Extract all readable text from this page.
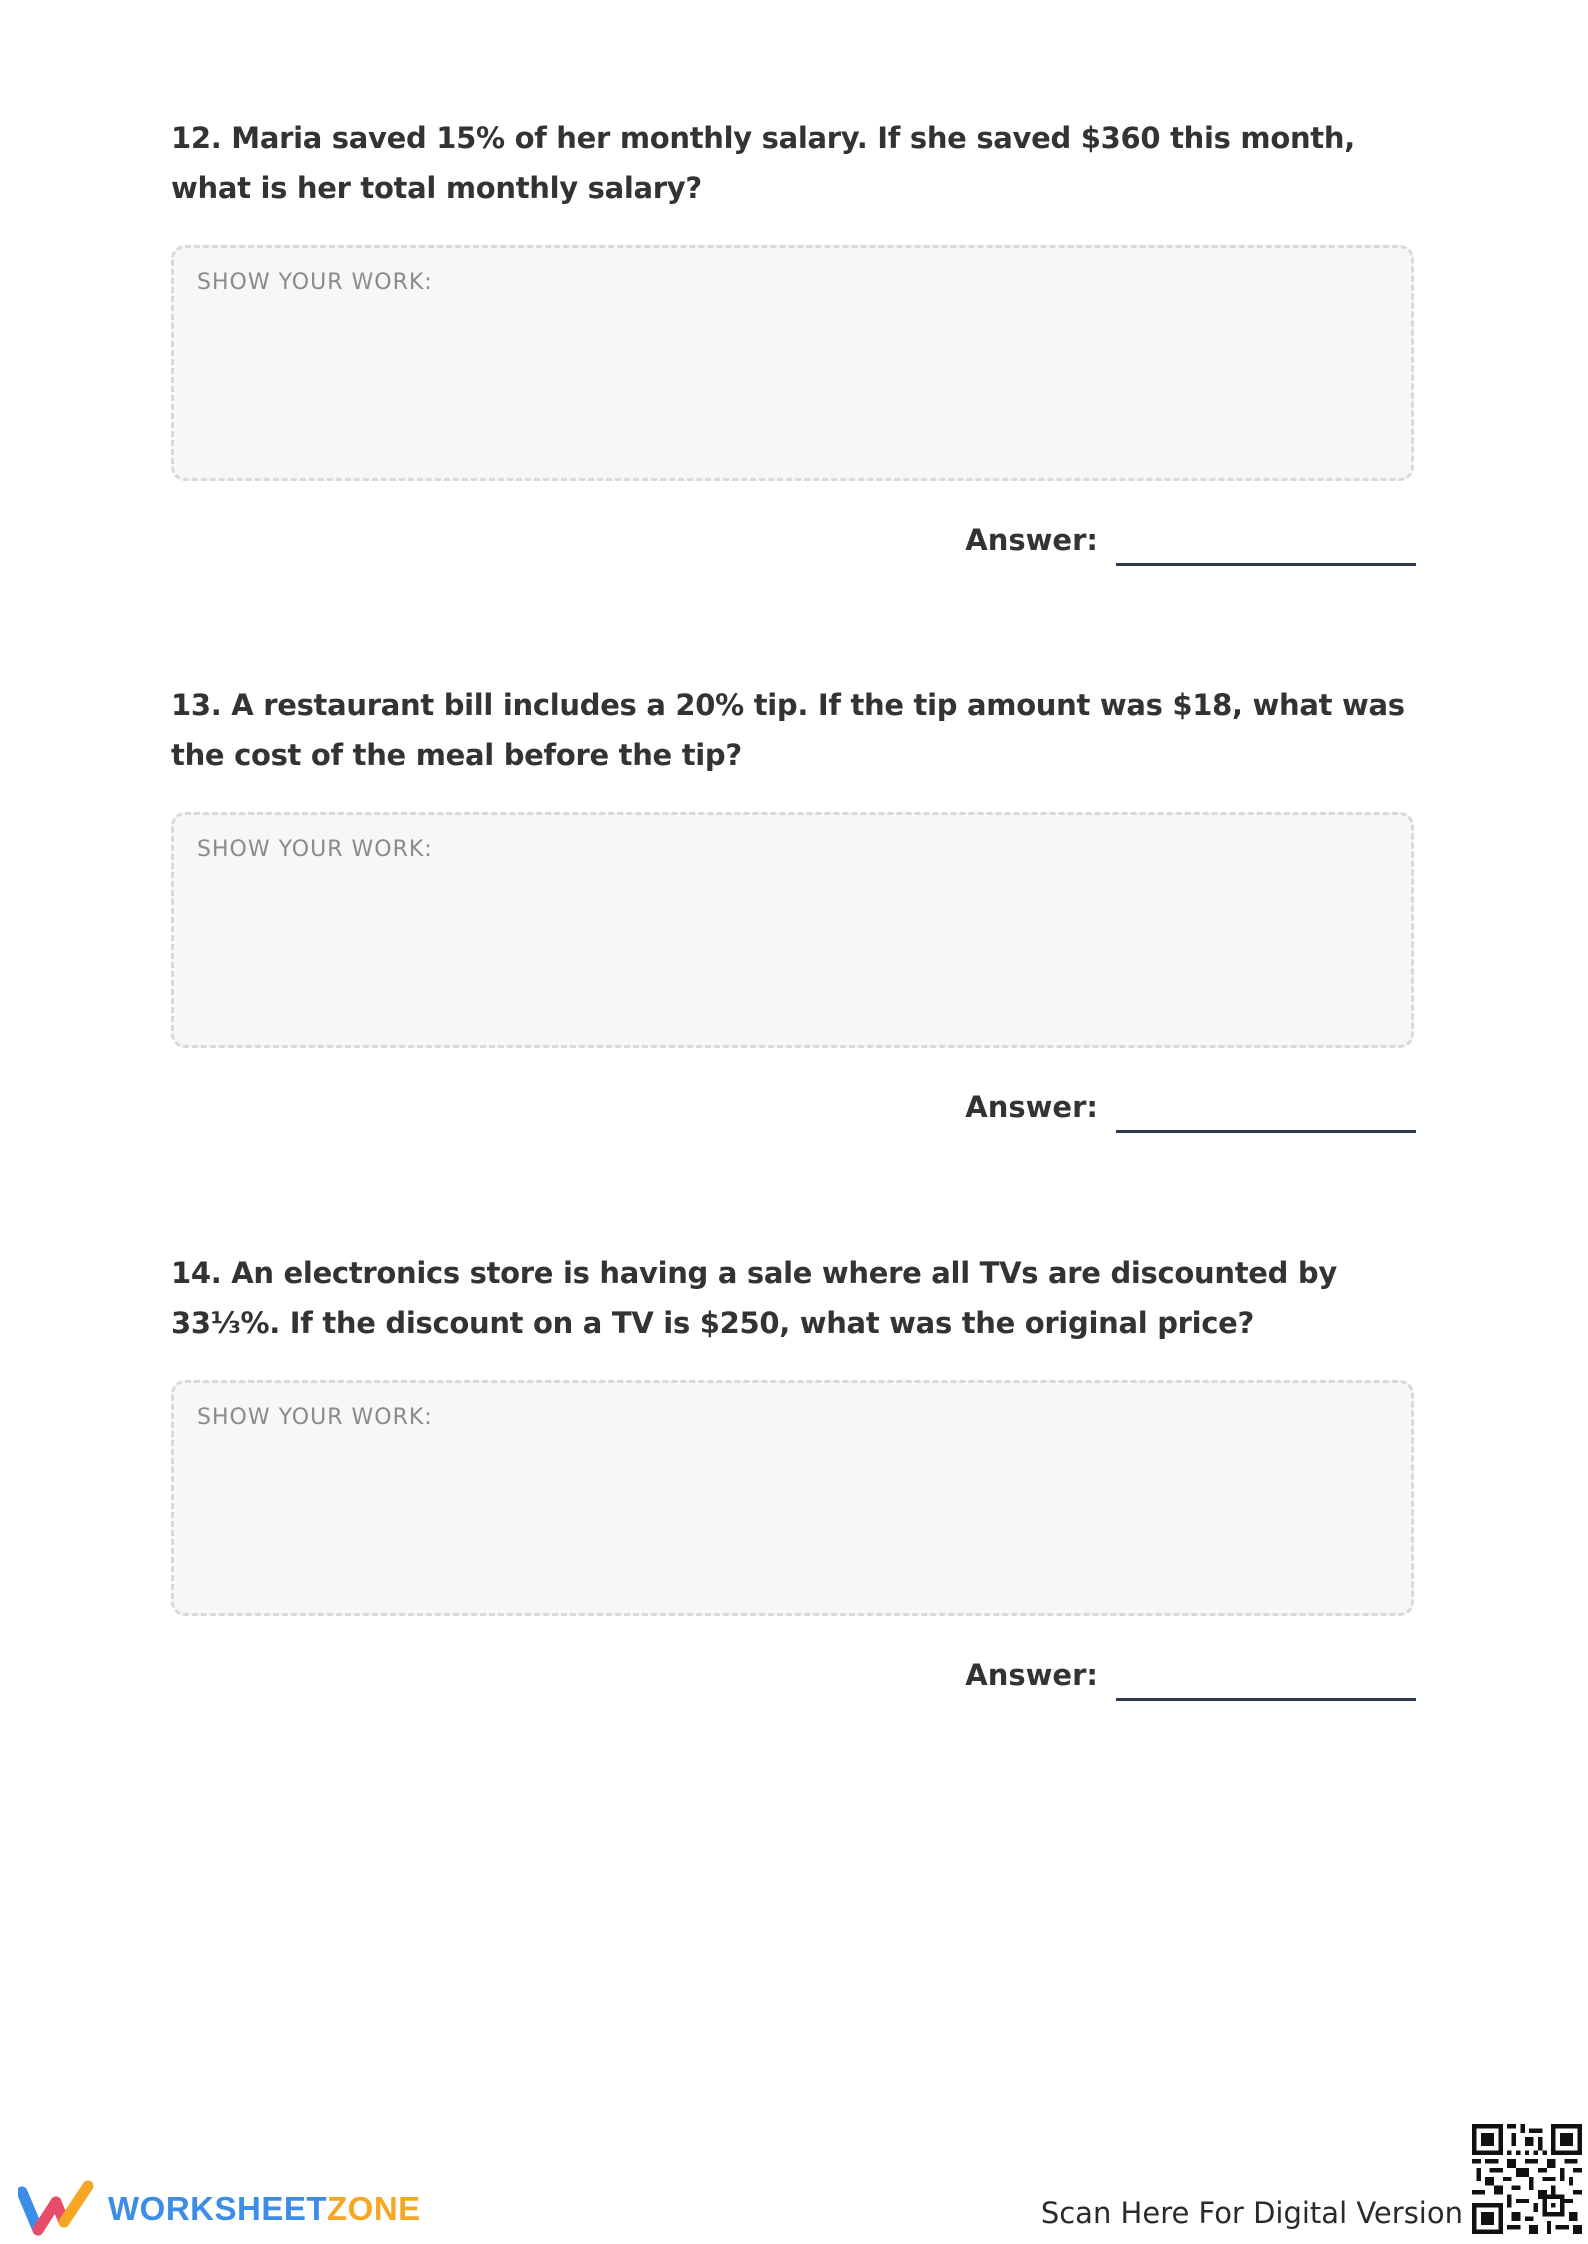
12. Maria saved 15% of her monthly salary. If she saved $360 this month,
what is her total monthly salary?

SHOW YOUR WORK:
Answer:

13. A restaurant bill includes a 20% tip. If the tip amount was $18, what was
the cost of the meal before the tip?

SHOW YOUR WORK:
Answer:

14. An electronics store is having a sale where all TVs are discounted by
33⅓%. If the discount on a TV is $250, what was the original price?

SHOW YOUR WORK:
Answer:
WORKSHEETZONE	Scan Here For Digital Version
